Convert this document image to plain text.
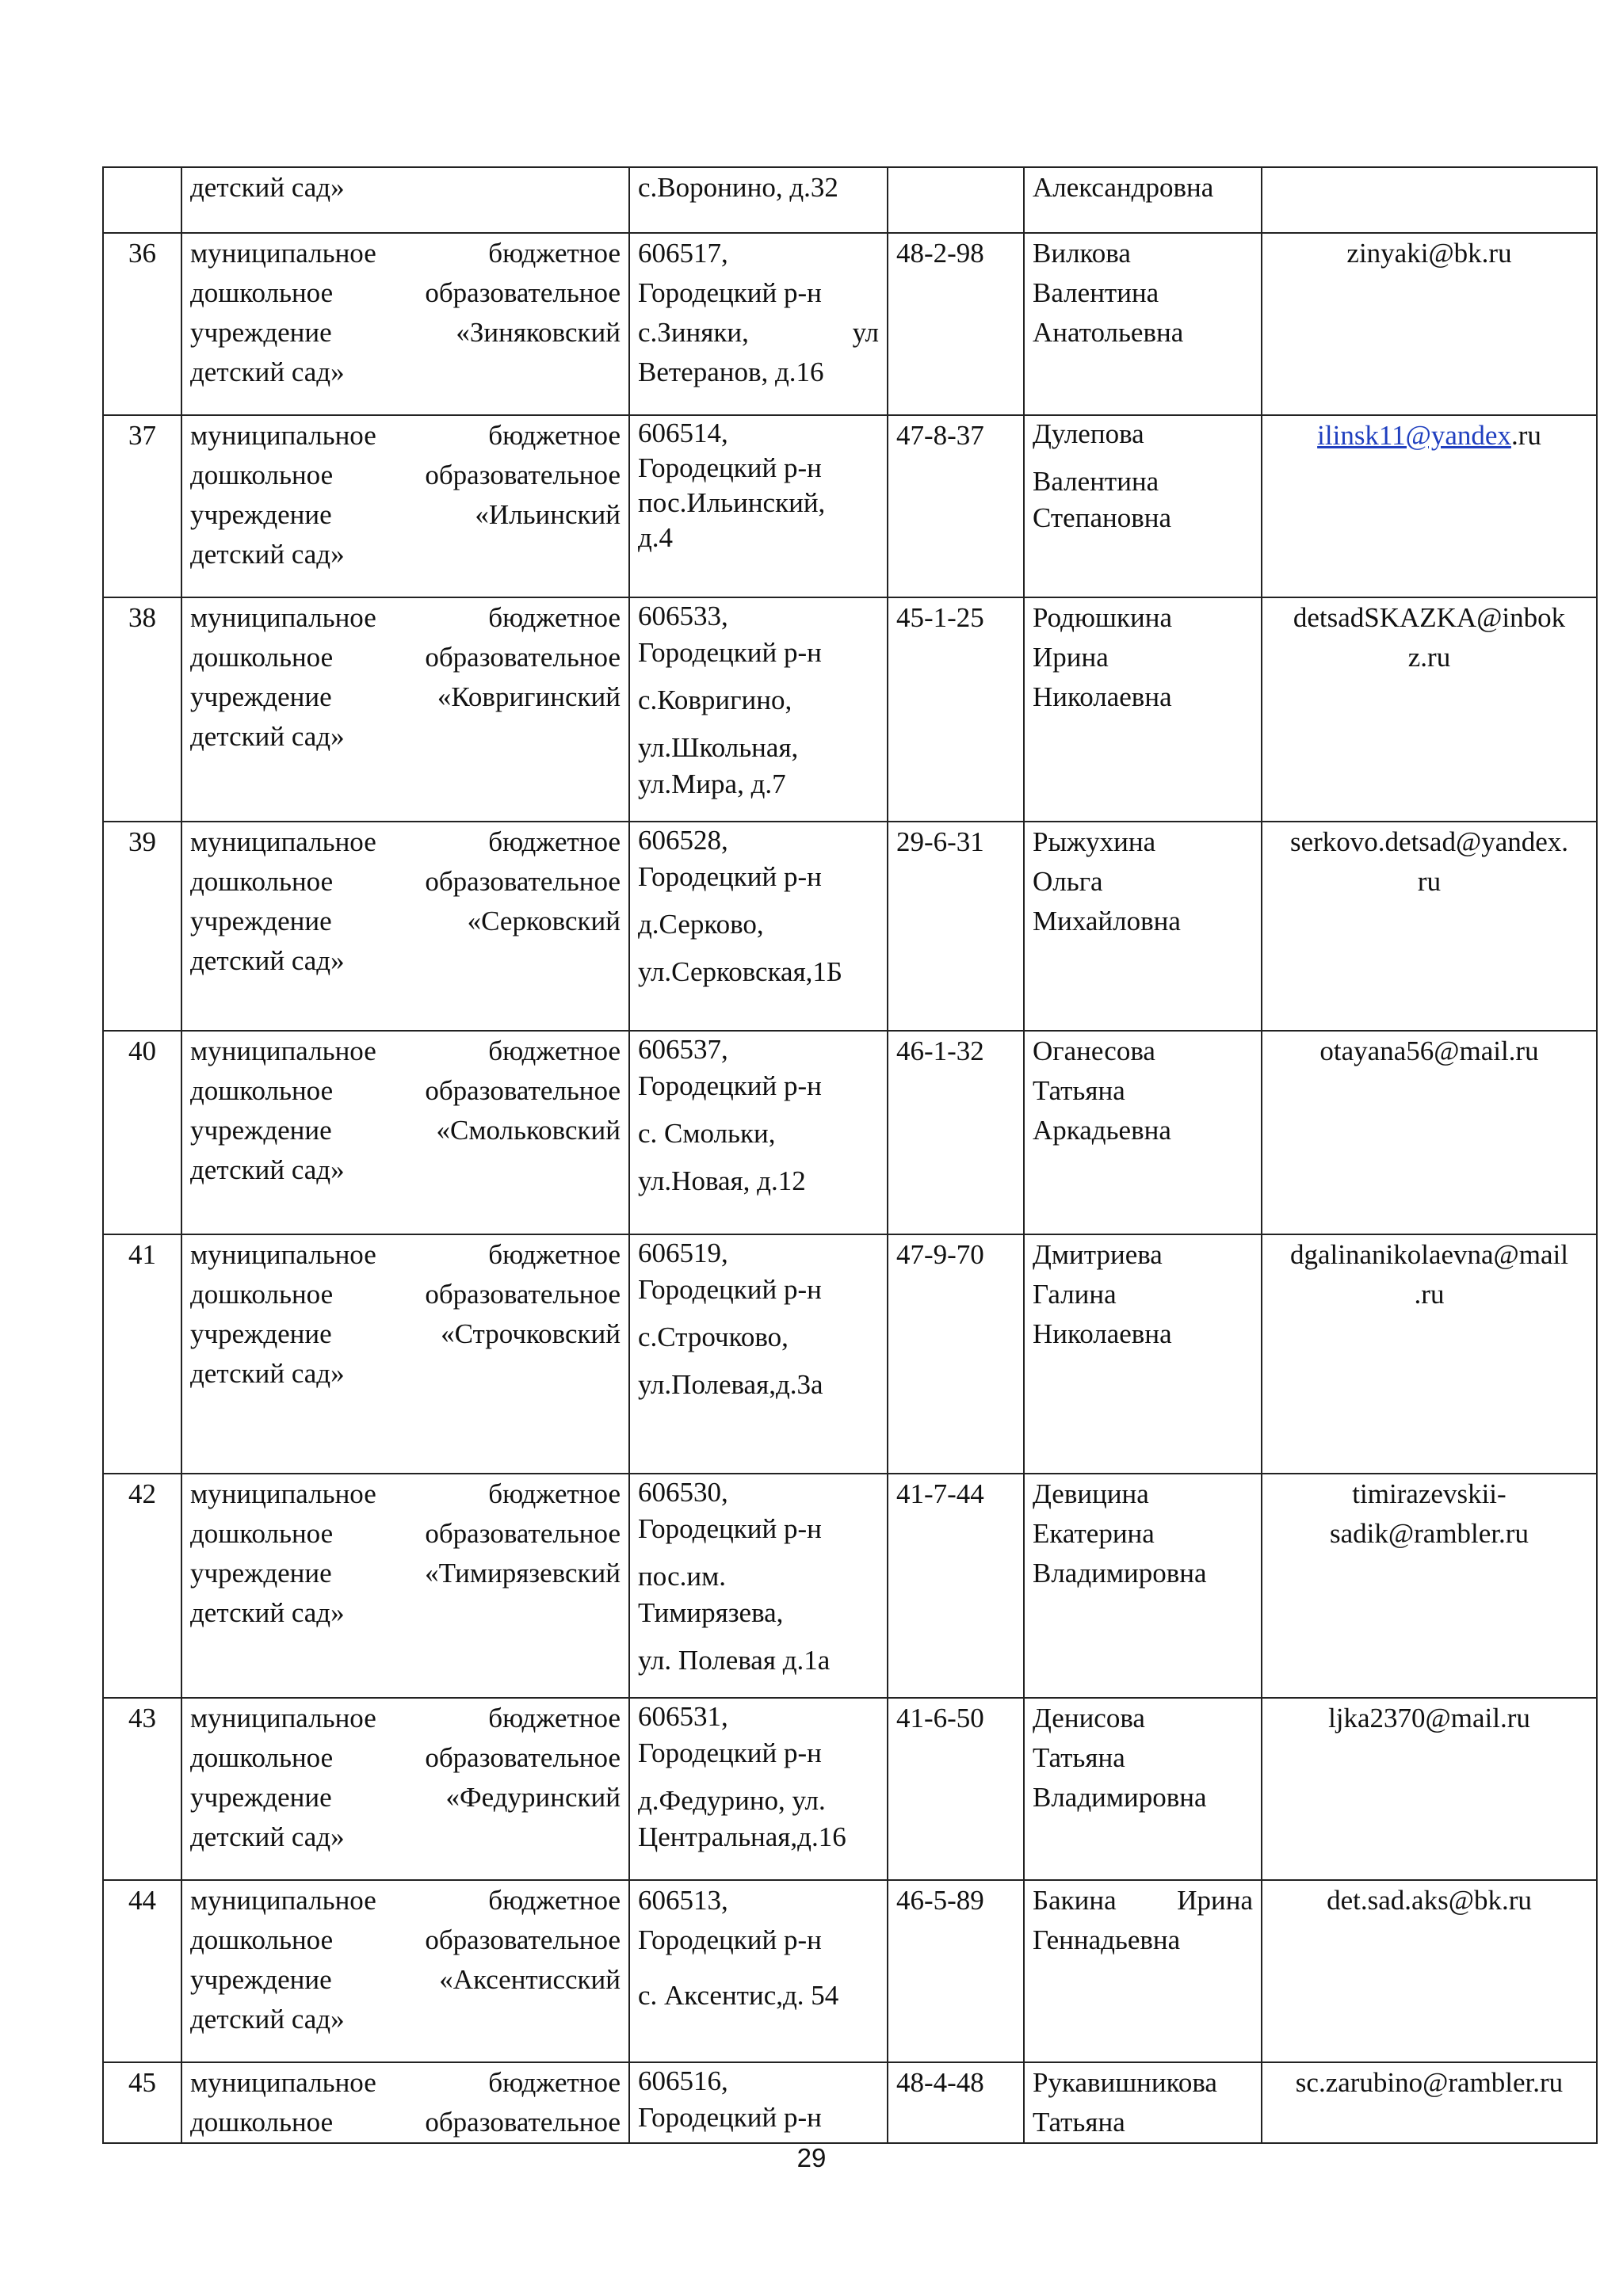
	детский сад»	с.Воронино, д.32		Александровна	

36	муниципальное бюджетное
дошкольное образовательное
учреждение «Зиняковский
детский сад»	606517,
Городецкий р-н
с.Зиняки, ул
Ветеранов, д.16	48-2-98	Вилкова
Валентина
Анатольевна	zinyaki@bk.ru
37	муниципальное бюджетное
дошкольное образовательное
учреждение «Ильинский
детский сад»	606514,
Городецкий р-н
пос.Ильинский,
д.4	47-8-37	Дулепова
Валентина
Степановна	ilinsk11@yandex.ru
38	муниципальное бюджетное
дошкольное образовательное
учреждение «Ковригинский
детский сад»	606533,
Городецкий р-н
с.Ковригино,
ул.Школьная,
ул.Мира, д.7	45-1-25	Родюшкина
Ирина
Николаевна	detsadSKAZKA@inbok
z.ru

39	муниципальное бюджетное
дошкольное образовательное
учреждение «Серковский
детский сад»	606528,
Городецкий р-н
д.Серково,
ул.Серковская,1Б	29-6-31	Рыжухина
Ольга
Михайловна	serkovo.detsad@yandex.
ru

40	муниципальное бюджетное
дошкольное образовательное
учреждение «Смольковский
детский сад»	606537,
Городецкий р-н
с. Смольки,
ул.Новая, д.12	46-1-32	Оганесова
Татьяна
Аркадьевна	otayana56@mail.ru
41	муниципальное бюджетное
дошкольное образовательное
учреждение «Строчковский
детский сад»	606519,
Городецкий р-н
с.Строчково,
ул.Полевая,д.3а	47-9-70	Дмитриева
Галина
Николаевна	dgalinanikolaevna@mail
.ru

42	муниципальное бюджетное
дошкольное образовательное
учреждение «Тимирязевский
детский сад»	606530,
Городецкий р-н
пос.им.
Тимирязева,
ул. Полевая д.1а	41-7-44	Девицина
Екатерина
Владимировна	timirazevskii-
sadik@rambler.ru

43	муниципальное бюджетное
дошкольное образовательное
учреждение «Федуринский
детский сад»	606531,
Городецкий р-н
д.Федурино, ул.
Центральная,д.16	41-6-50	Денисова
Татьяна
Владимировна	ljka2370@mail.ru
44	муниципальное бюджетное
дошкольное образовательное
учреждение «Аксентисский
детский сад»	606513,
Городецкий р-н
с. Аксентис,д. 54	46-5-89	Бакина Ирина
Геннадьевна	det.sad.aks@bk.ru
45	муниципальное бюджетное
дошкольное образовательное	606516,
Городецкий р-н	48-4-48	Рукавишникова
Татьяна	sc.zarubino@rambler.ru
29
